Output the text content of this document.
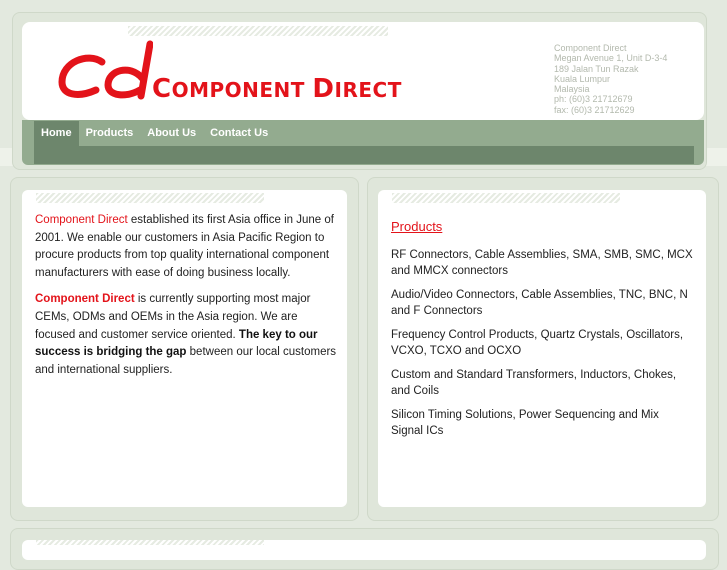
COMPONENT DIRECT
Component Direct
Megan Avenue 1, Unit D-3-4
189 Jalan Tun Razak
Kuala Lumpur
Malaysia
ph: (60)3 21712679
fax: (60)3 21712629
Home	Products	About Us	Contact Us

Component Direct established its first Asia office in June of 2001. We enable our customers in Asia Pacific Region to procure products from top quality international component manufacturers with ease of doing business locally.

Component Direct is currently supporting most major CEMs, ODMs and OEMs in the Asia region. We are focused and customer service oriented. The key to our success is bridging the gap between our local customers and international suppliers.

Products

RF Connectors, Cable Assemblies, SMA, SMB, SMC, MCX and MMCX connectors

Audio/Video Connectors, Cable Assemblies, TNC, BNC, N and F Connectors

Frequency Control Products, Quartz Crystals, Oscillators, VCXO, TCXO and OCXO

Custom and Standard Transformers, Inductors, Chokes, and Coils

Silicon Timing Solutions, Power Sequencing and Mix Signal ICs
